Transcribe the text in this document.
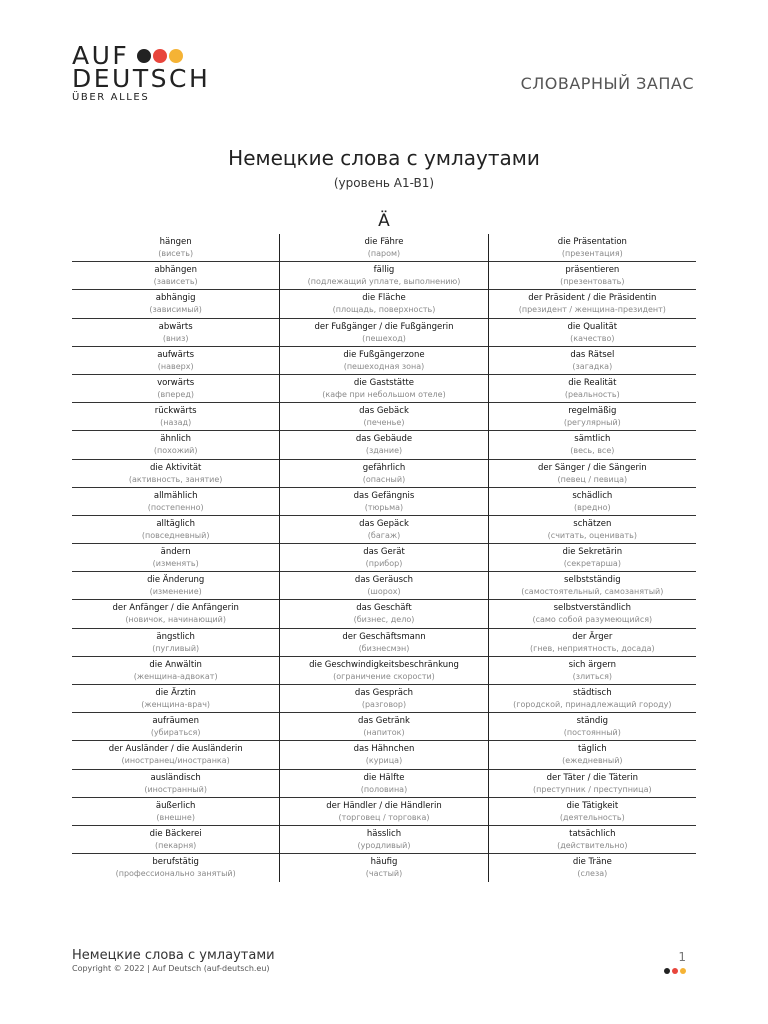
AUF
DEUTSCH
ÜBER ALLES
СЛОВАРНЫЙ ЗАПАС
Немецкие слова с умлаутами
(уровень A1-B1)
Ä
hängen
(висеть)
abhängen
(зависеть)
abhängig
(зависимый)
abwärts
(вниз)
aufwärts
(наверх)
vorwärts
(вперед)
rückwärts
(назад)
ähnlich
(похожий)
die Aktivität
(активность, занятие)
allmählich
(постепенно)
alltäglich
(повседневный)
ändern
(изменять)
die Änderung
(изменение)
der Anfänger / die Anfängerin
(новичок, начинающий)
ängstlich
(пугливый)
die Anwältin
(женщина-адвокат)
die Ärztin
(женщина-врач)
aufräumen
(убираться)
der Ausländer / die Ausländerin
(иностранец/иностранка)
ausländisch
(иностранный)
äußerlich
(внешне)
die Bäckerei
(пекарня)
berufstätig
(профессионально занятый)
die Fähre
(паром)
fällig
(подлежащий уплате, выполнению)
die Fläche
(площадь, поверхность)
der Fußgänger / die Fußgängerin
(пешеход)
die Fußgängerzone
(пешеходная зона)
die Gaststätte
(кафе при небольшом отеле)
das Gebäck
(печенье)
das Gebäude
(здание)
gefährlich
(опасный)
das Gefängnis
(тюрьма)
das Gepäck
(багаж)
das Gerät
(прибор)
das Geräusch
(шорох)
das Geschäft
(бизнес, дело)
der Geschäftsmann
(бизнесмэн)
die Geschwindigkeitsbeschränkung
(ограничение скорости)
das Gespräch
(разговор)
das Getränk
(напиток)
das Hähnchen
(курица)
die Hälfte
(половина)
der Händler / die Händlerin
(торговец / торговка)
hässlich
(уродливый)
häufig
(частый)
die Präsentation
(презентация)
präsentieren
(презентовать)
der Präsident / die Präsidentin
(президент / женщина-президент)
die Qualität
(качество)
das Rätsel
(загадка)
die Realität
(реальность)
regelmäßig
(регулярный)
sämtlich
(весь, все)
der Sänger / die Sängerin
(певец / певица)
schädlich
(вредно)
schätzen
(считать, оценивать)
die Sekretärin
(секретарша)
selbstständig
(самостоятельный, самозанятый)
selbstverständlich
(само собой разумеющийся)
der Ärger
(гнев, неприятность, досада)
sich ärgern
(злиться)
städtisch
(городской, принадлежащий городу)
ständig
(постоянный)
täglich
(ежедневный)
der Täter / die Täterin
(преступник / преступница)
die Tätigkeit
(деятельность)
tatsächlich
(действительно)
die Träne
(слеза)
Немецкие слова с умлаутами
Copyright © 2022 | Auf Deutsch (auf-deutsch.eu)
1
